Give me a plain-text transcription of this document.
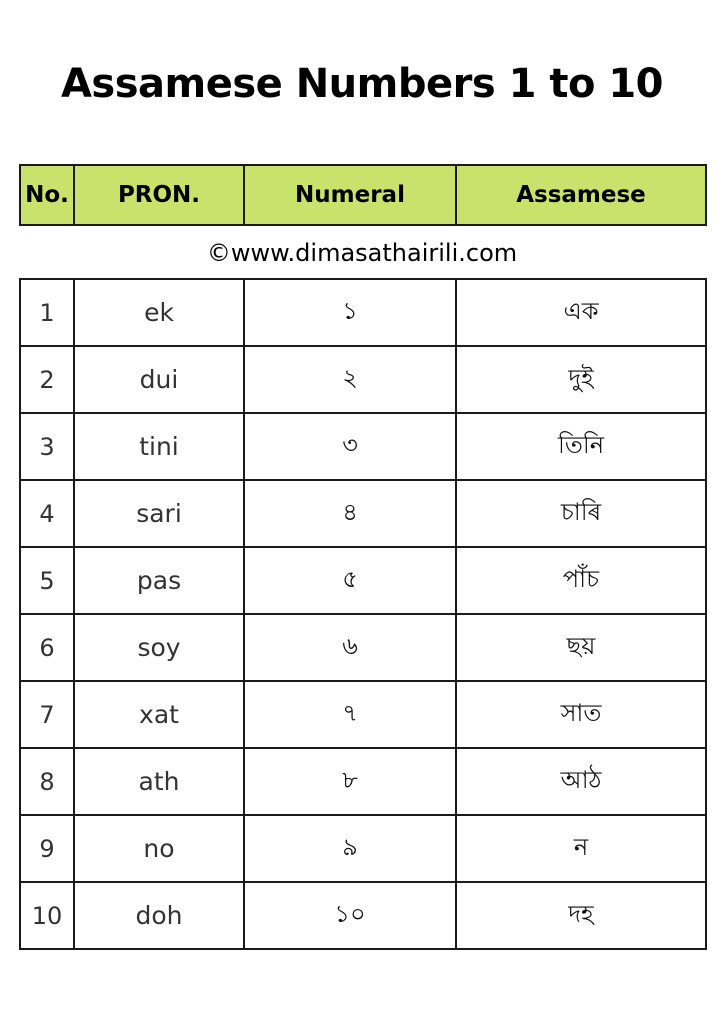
Assamese Numbers 1 to 10
No.	PRON.	Numeral	Assamese
©www.dimasathairili.com
1	ek	১	এক
2	dui	২	দুই
3	tini	৩	তিনি
4	sari	৪	চাৰি
5	pas	৫	পাঁচ
6	soy	৬	ছয়
7	xat	৭	সাত
8	ath	৮	আঠ
9	no	৯	ন
10	doh	১০	দহ
